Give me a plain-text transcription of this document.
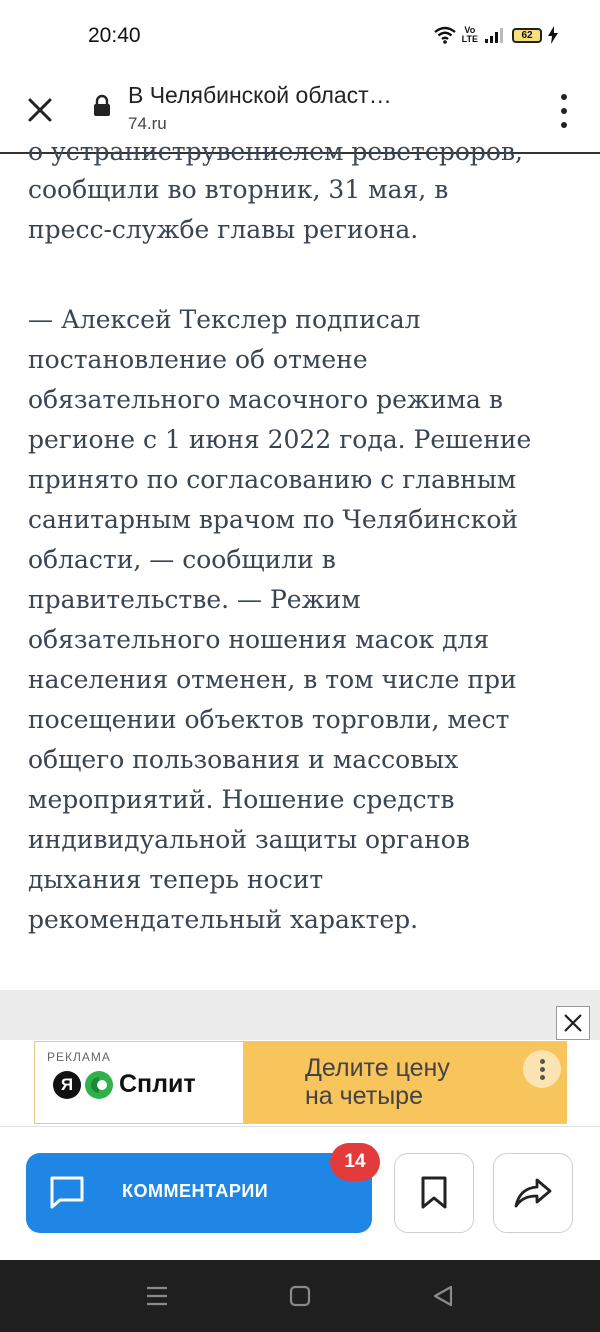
20:40	Vo
LTE	62
В Челябинской област…
74.ru
о устраниструвениелем реветсроров,
сообщили во вторник, 31 мая, в
пресс-службе главы региона.
— Алексей Текслер подписал
постановление об отмене
обязательного масочного режима в
регионе с 1 июня 2022 года. Решение
принято по согласованию с главным
санитарным врачом по Челябинской
области, — сообщили в
правительстве. — Режим
обязательного ношения масок для
населения отменен, в том числе при
посещении объектов торговли, мест
общего пользования и массовых
мероприятий. Ношение средств
индивидуальной защиты органов
дыхания теперь носит
рекомендательный характер.
РЕКЛАМА
Я	Сплит
Делите цену
на четыре
КОММЕНТАРИИ
14
